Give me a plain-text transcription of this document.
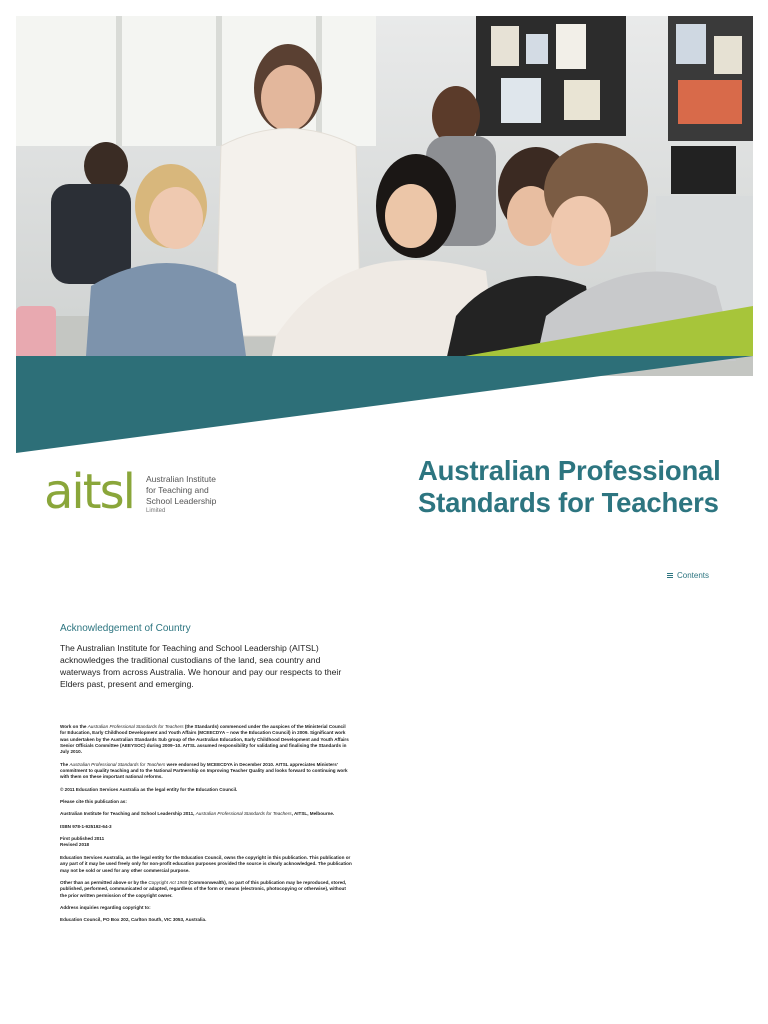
aitsl Australian Institute
for Teaching and
School Leadership
Limited
Australian Professional
Standards for Teachers
Contents
Acknowledgement of Country
The Australian Institute for Teaching and School Leadership (AITSL) acknowledges the traditional custodians of the land, sea country and waterways from across Australia. We honour and pay our respects to their Elders past, present and emerging.

Work on the Australian Professional Standards for Teachers (the Standards) commenced under the auspices of the Ministerial Council for Education, Early Childhood Development and Youth Affairs (MCEECDYA – now the Education Council) in 2009. Significant work was undertaken by the Australian Standards Sub group of the Australian Education, Early Childhood Development and Youth Affairs Senior Officials Committee (AEEYSOC) during 2009–10. AITSL assumed responsibility for validating and finalising the Standards in July 2010.

The Australian Professional Standards for Teachers were endorsed by MCEECDYA in December 2010. AITSL appreciates Ministers' commitment to quality teaching and to the National Partnership on Improving Teacher Quality and looks forward to continuing work with them on these important national reforms.

© 2011 Education Services Australia as the legal entity for the Education Council.

Please cite this publication as:

Australian Institute for Teaching and School Leadership 2011, Australian Professional Standards for Teachers, AITSL, Melbourne.

ISBN 978-1-925192-64-3

First published 2011
Revised 2018

Education Services Australia, as the legal entity for the Education Council, owns the copyright in this publication. This publication or any part of it may be used freely only for non-profit education purposes provided the source is clearly acknowledged. The publication may not be sold or used for any other commercial purpose.

Other than as permitted above or by the Copyright Act 1968 (Commonwealth), no part of this publication may be reproduced, stored, published, performed, communicated or adapted, regardless of the form or means (electronic, photocopying or otherwise), without the prior written permission of the copyright owner.

Address inquiries regarding copyright to:

Education Council, PO Box 202, Carlton South, VIC 3053, Australia.
